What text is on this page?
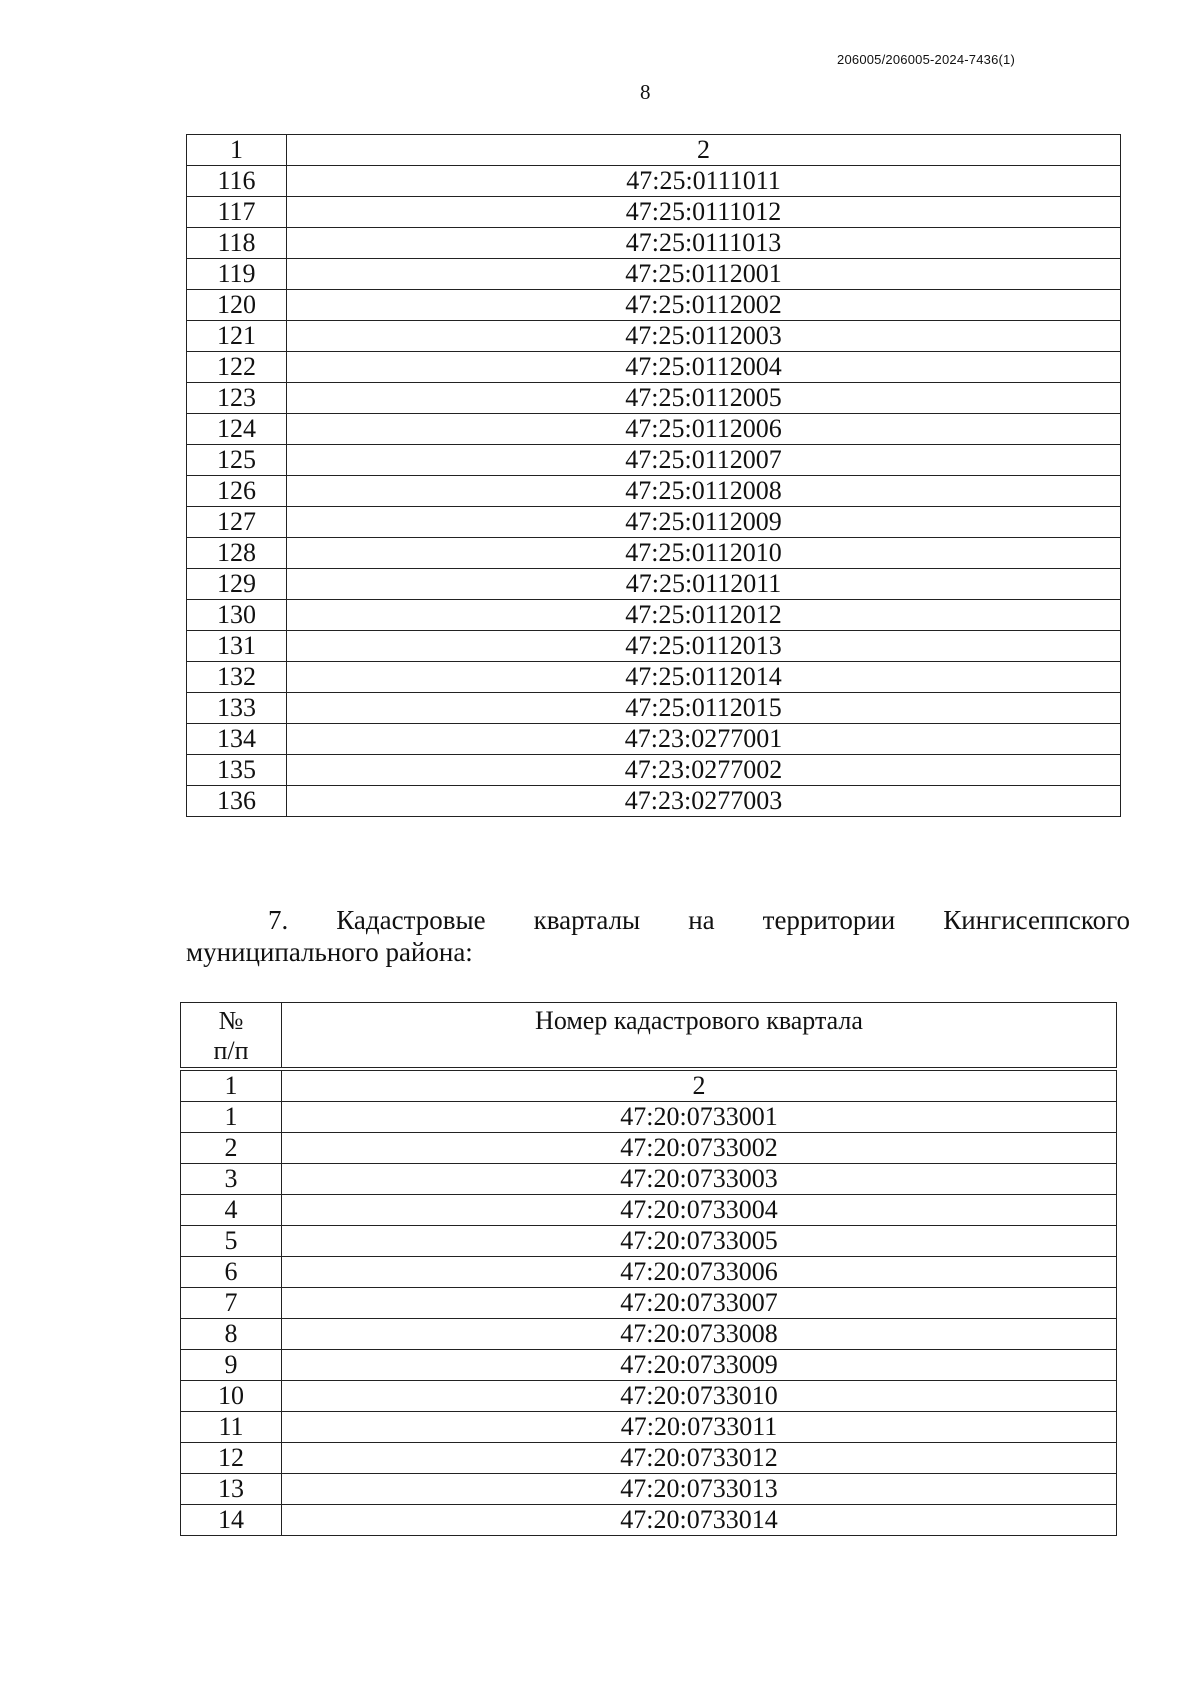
206005/206005-2024-7436(1)
8
1	2
116	47:25:0111011
117	47:25:0111012
118	47:25:0111013
119	47:25:0112001
120	47:25:0112002
121	47:25:0112003
122	47:25:0112004
123	47:25:0112005
124	47:25:0112006
125	47:25:0112007
126	47:25:0112008
127	47:25:0112009
128	47:25:0112010
129	47:25:0112011
130	47:25:0112012
131	47:25:0112013
132	47:25:0112014
133	47:25:0112015
134	47:23:0277001
135	47:23:0277002
136	47:23:0277003
7. Кадастровые кварталы на территории Кингисеппского
муниципального района:
№
п/п	Номер кадастрового квартала
1	2
1	47:20:0733001
2	47:20:0733002
3	47:20:0733003
4	47:20:0733004
5	47:20:0733005
6	47:20:0733006
7	47:20:0733007
8	47:20:0733008
9	47:20:0733009
10	47:20:0733010
11	47:20:0733011
12	47:20:0733012
13	47:20:0733013
14	47:20:0733014
